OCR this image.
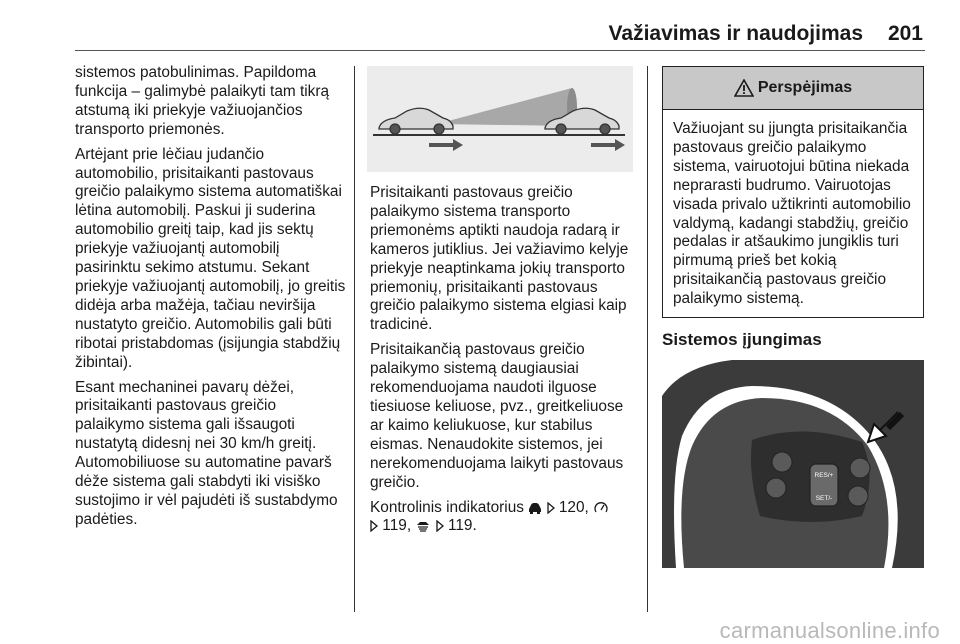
Važiavimas ir naudojimas	201

sistemos patobulinimas. Papildoma funkcija – galimybė palaikyti tam tikrą atstumą iki priekyje važiuojančios transporto priemonės.

Artėjant prie lėčiau judančio automobilio, prisitaikanti pastovaus greičio palaikymo sistema automatiškai lėtina automobilį. Paskui ji suderina automobilio greitį taip, kad jis sektų priekyje važiuojantį automobilį pasirinktu sekimo atstumu. Sekant priekyje važiuojantį automobilį, jo greitis didėja arba mažėja, tačiau neviršija nustatyto greičio. Automobilis gali būti ribotai pristabdomas (įsijungia stabdžių žibintai).

Esant mechaninei pavarų dėžei, prisitaikanti pastovaus greičio palaikymo sistema gali išsaugoti nustatytą didesnį nei 30 km/h greitį. Automobiliuose su automatine pavarš dėže sistema gali stabdyti iki visiško sustojimo ir vėl pajudėti iš sustabdymo padėties.

Prisitaikanti pastovaus greičio palaikymo sistema transporto priemonėms aptikti naudoja radarą ir kameros jutiklius. Jei važiavimo kelyje priekyje neaptinkama jokių transporto priemonių, prisitaikanti pastovaus greičio palaikymo sistema elgiasi kaip tradicinė.

Prisitaikančią pastovaus greičio palaikymo sistemą daugiausiai rekomenduojama naudoti ilguose tiesiuose keliuose, pvz., greitkeliuose ar kaimo keliukuose, kur stabilus eismas. Nenaudokite sistemos, jei nerekomenduojama laikyti pastovaus greičio.

Kontrolinis indikatorius 120,
119, 119.

Perspėjimas
Važiuojant su įjungta prisitaikančia pastovaus greičio palaikymo sistema, vairuotojui būtina niekada neprarasti budrumo. Vairuotojas visada privalo užtikrinti automobilio valdymą, kadangi stabdžių, greičio pedalas ir atšaukimo jungiklis turi pirmumą prieš bet kokią prisitaikančią pastovaus greičio palaikymo sistemą.
Sistemos įjungimas
RES/+
SET/-
carmanualsonline.info
